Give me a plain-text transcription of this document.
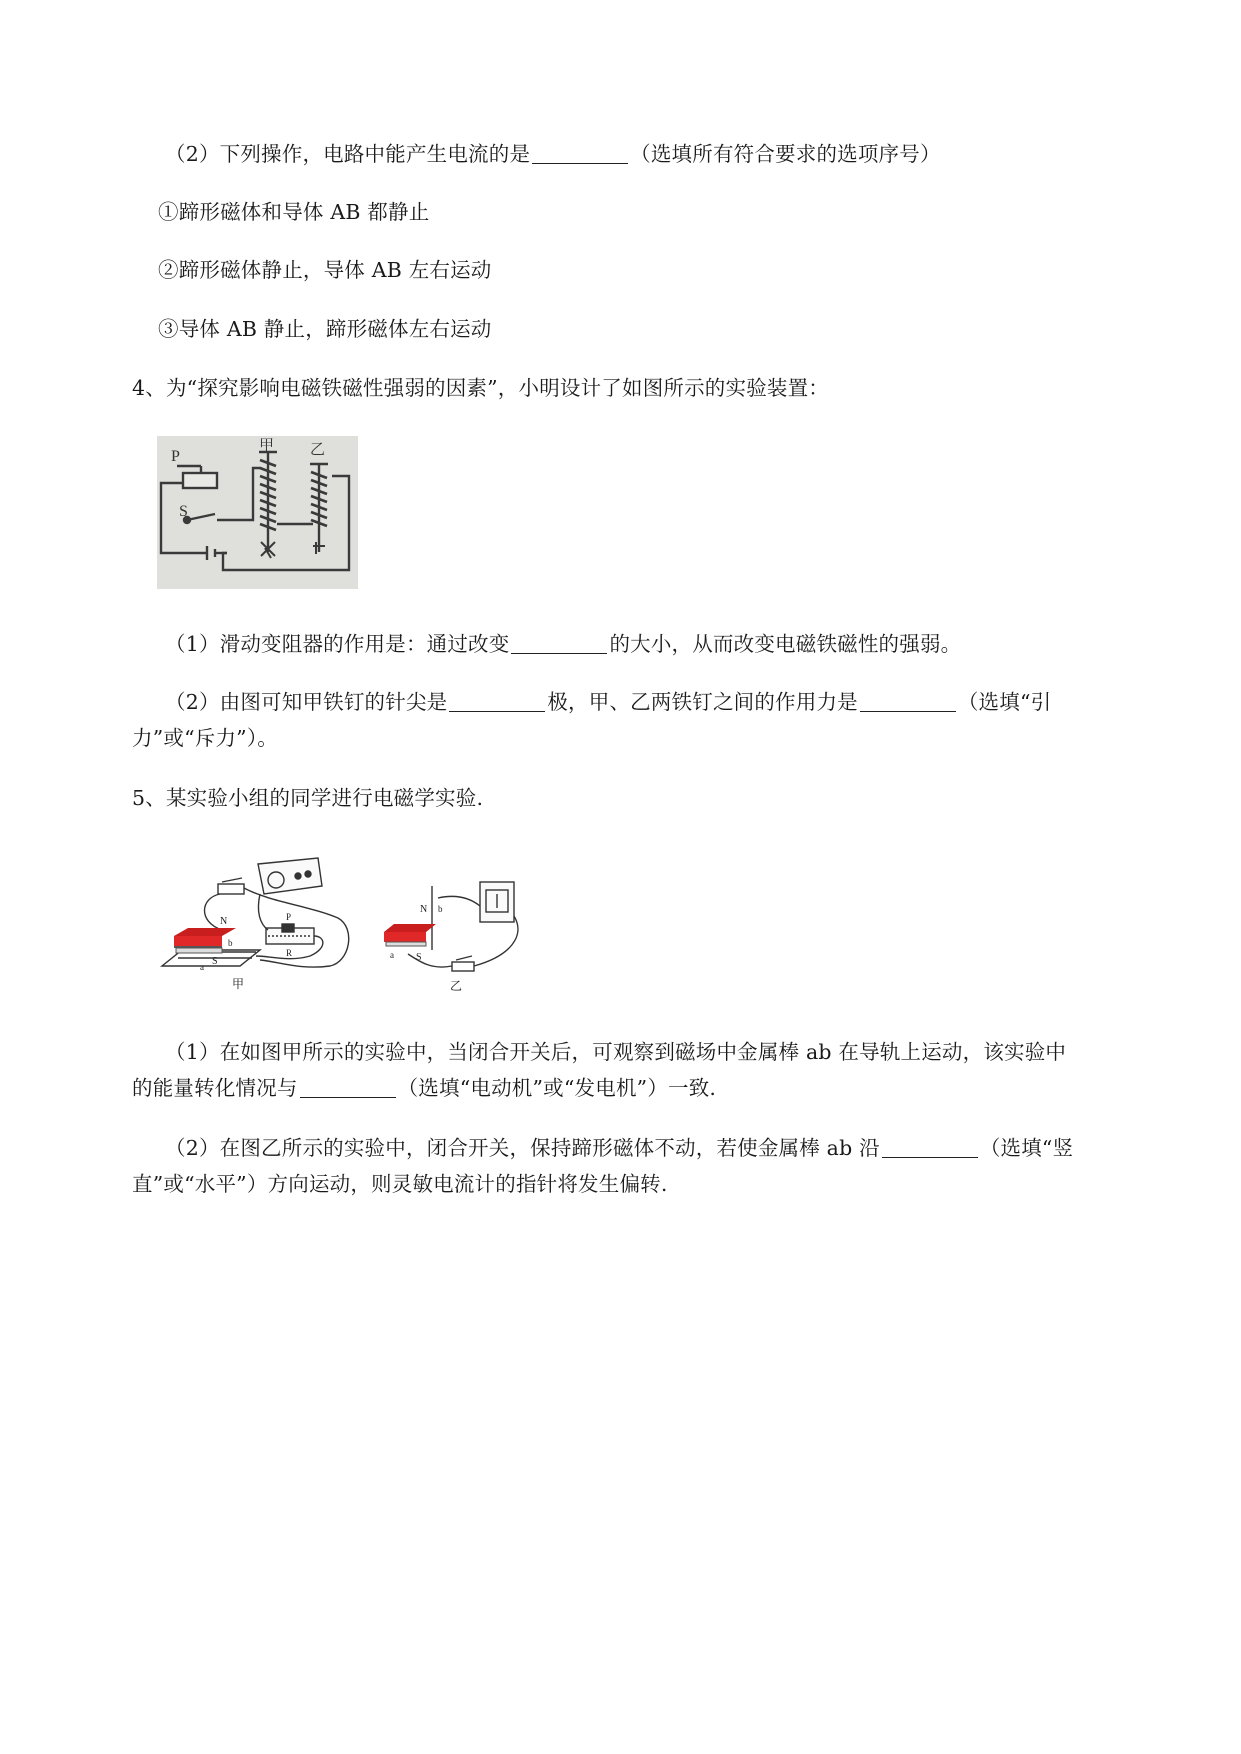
（2）下列操作，电路中能产生电流的是	（选填所有符合要求的选项序号）
①蹄形磁体和导体 AB 都静止
②蹄形磁体静止，导体 AB 左右运动
③导体 AB 静止，蹄形磁体左右运动
4、为“探究影响电磁铁磁性强弱的因素”，小明设计了如图所示的实验装置：
P
S
甲 乙
（1）滑动变阻器的作用是：通过改变	的大小，从而改变电磁铁磁性的强弱。
（2）由图可知甲铁钉的针尖是	极，甲、乙两铁钉之间的作用力是	（选填“引
力”或“斥力”）。
5、某实验小组的同学进行电磁学实验.
N
S
b
a
P
R
甲
N
S
b
a
乙
（1）在如图甲所示的实验中，当闭合开关后，可观察到磁场中金属棒 ab 在导轨上运动，该实验中
的能量转化情况与	（选填“电动机”或“发电机”）一致.
（2）在图乙所示的实验中，闭合开关，保持蹄形磁体不动，若使金属棒 ab 沿	（选填“竖
直”或“水平”）方向运动，则灵敏电流计的指针将发生偏转.
